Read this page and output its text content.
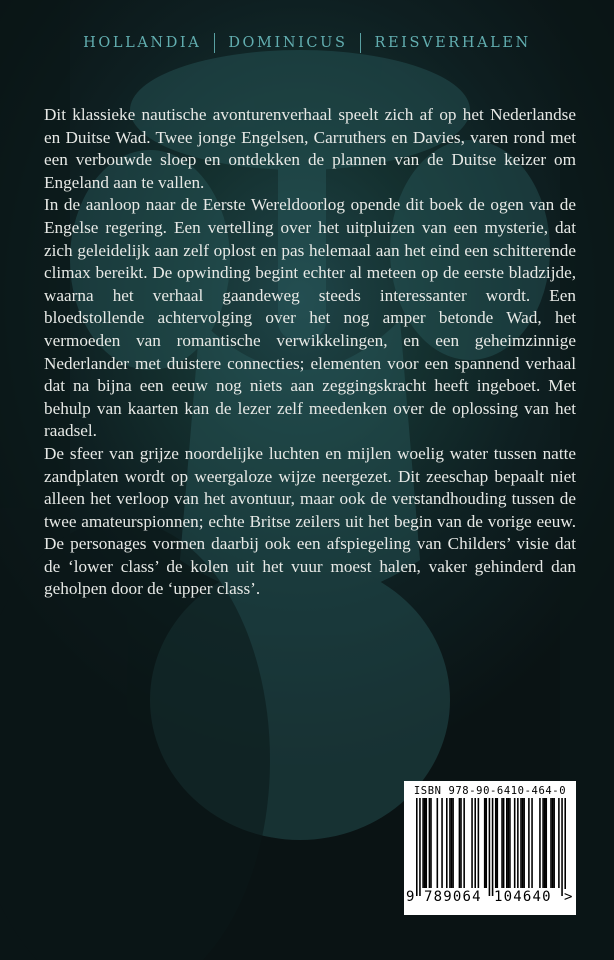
HOLLANDIA DOMINICUS REISVERHALEN

Dit klassieke nautische avonturenverhaal speelt zich af op het Nederlandse en Duitse Wad. Twee jonge Engelsen, Carruthers en Davies, varen rond met een verbouwde sloep en ontdekken de plannen van de Duitse keizer om Engeland aan te vallen.

In de aanloop naar de Eerste Wereldoorlog opende dit boek de ogen van de Engelse regering. Een vertelling over het uitpluizen van een mysterie, dat zich geleidelijk aan zelf oplost en pas helemaal aan het eind een schitterende climax bereikt. De opwinding begint echter al meteen op de eerste bladzijde, waarna het verhaal gaandeweg steeds interessanter wordt. Een bloedstollende achtervolging over het nog amper betonde Wad, het vermoeden van romantische verwikkelingen, en een geheimzinnige Nederlander met duistere connecties; elementen voor een spannend verhaal dat na bijna een eeuw nog niets aan zeggingskracht heeft ingeboet. Met behulp van kaarten kan de lezer zelf meedenken over de oplossing van het raadsel.

De sfeer van grijze noordelijke luchten en mijlen woelig water tussen natte zandplaten wordt op weergaloze wijze neergezet. Dit zeeschap bepaalt niet alleen het verloop van het avontuur, maar ook de verstandhouding tussen de twee amateurspionnen; echte Britse zeilers uit het begin van de vorige eeuw. De personages vormen daarbij ook een afspiegeling van Childers’ visie dat de ‘lower class’ de kolen uit het vuur moest halen, vaker gehinderd dan geholpen door de ‘upper class’.

ISBN 978-90-6410-464-0
9 789064 104640 >
